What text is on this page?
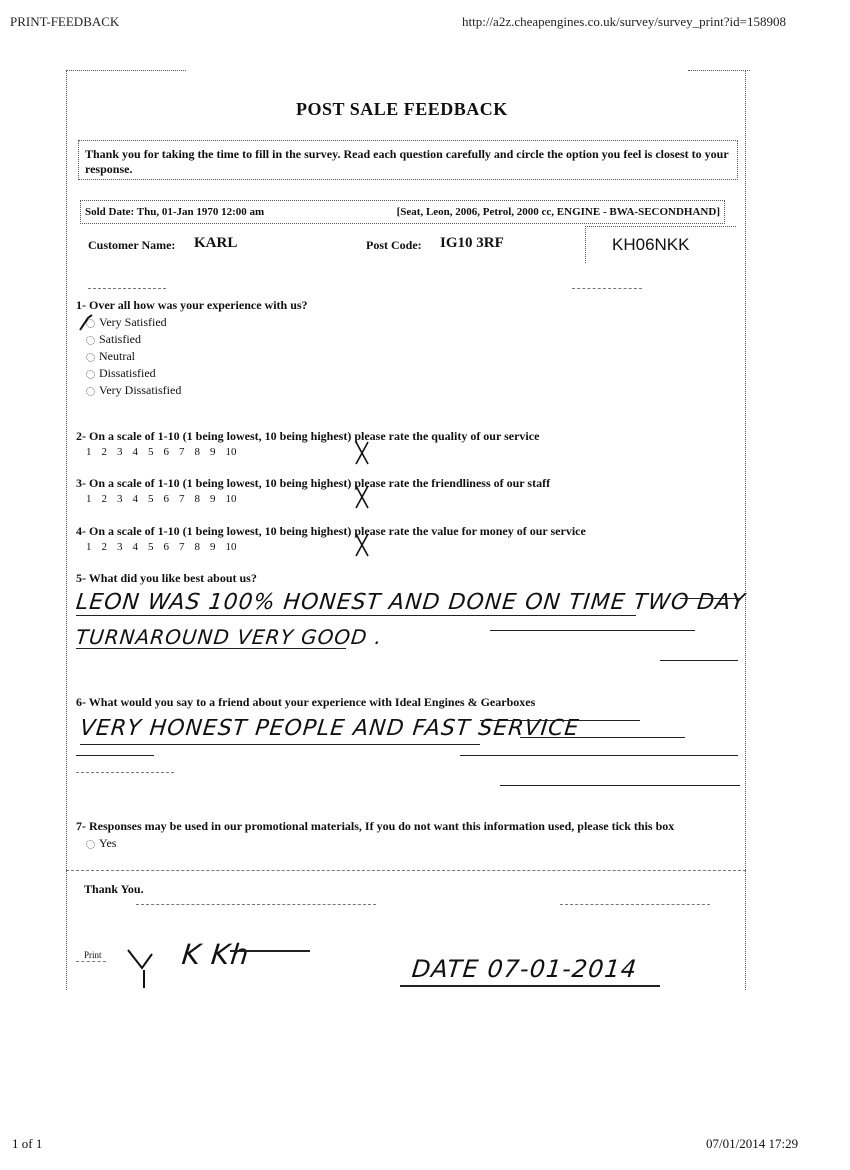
PRINT-FEEDBACK	http://a2z.cheapengines.co.uk/survey/survey_print?id=158908
POST SALE FEEDBACK
Thank you for taking the time to fill in the survey. Read each question carefully and circle the option you feel is closest to your response.
Sold Date: Thu, 01-Jan 1970 12:00 am	[Seat, Leon, 2006, Petrol, 2000 cc, ENGINE - BWA-SECONDHAND]
Customer Name: KARL	Post Code: IG10 3RF	KH06NKK
1- Over all how was your experience with us?
Very Satisfied
Satisfied
Neutral
Dissatisfied
Very Dissatisfied
2- On a scale of 1-10 (1 being lowest, 10 being highest) please rate the quality of our service
1 2 3 4 5 6 7 8 9 10
3- On a scale of 1-10 (1 being lowest, 10 being highest) please rate the friendliness of our staff
1 2 3 4 5 6 7 8 9 10
4- On a scale of 1-10 (1 being lowest, 10 being highest) please rate the value for money of our service
1 2 3 4 5 6 7 8 9 10
5- What did you like best about us?
LEON WAS 100% HONEST AND DONE ON TIME TWO DAY
TURNAROUND VERY GOOD .
6- What would you say to a friend about your experience with Ideal Engines & Gearboxes
VERY HONEST PEOPLE AND FAST SERVICE
7- Responses may be used in our promotional materials, If you do not want this information used, please tick this box
Yes
Thank You.
Print	K Kh	DATE 07-01-2014
1 of 1	07/01/2014 17:29
